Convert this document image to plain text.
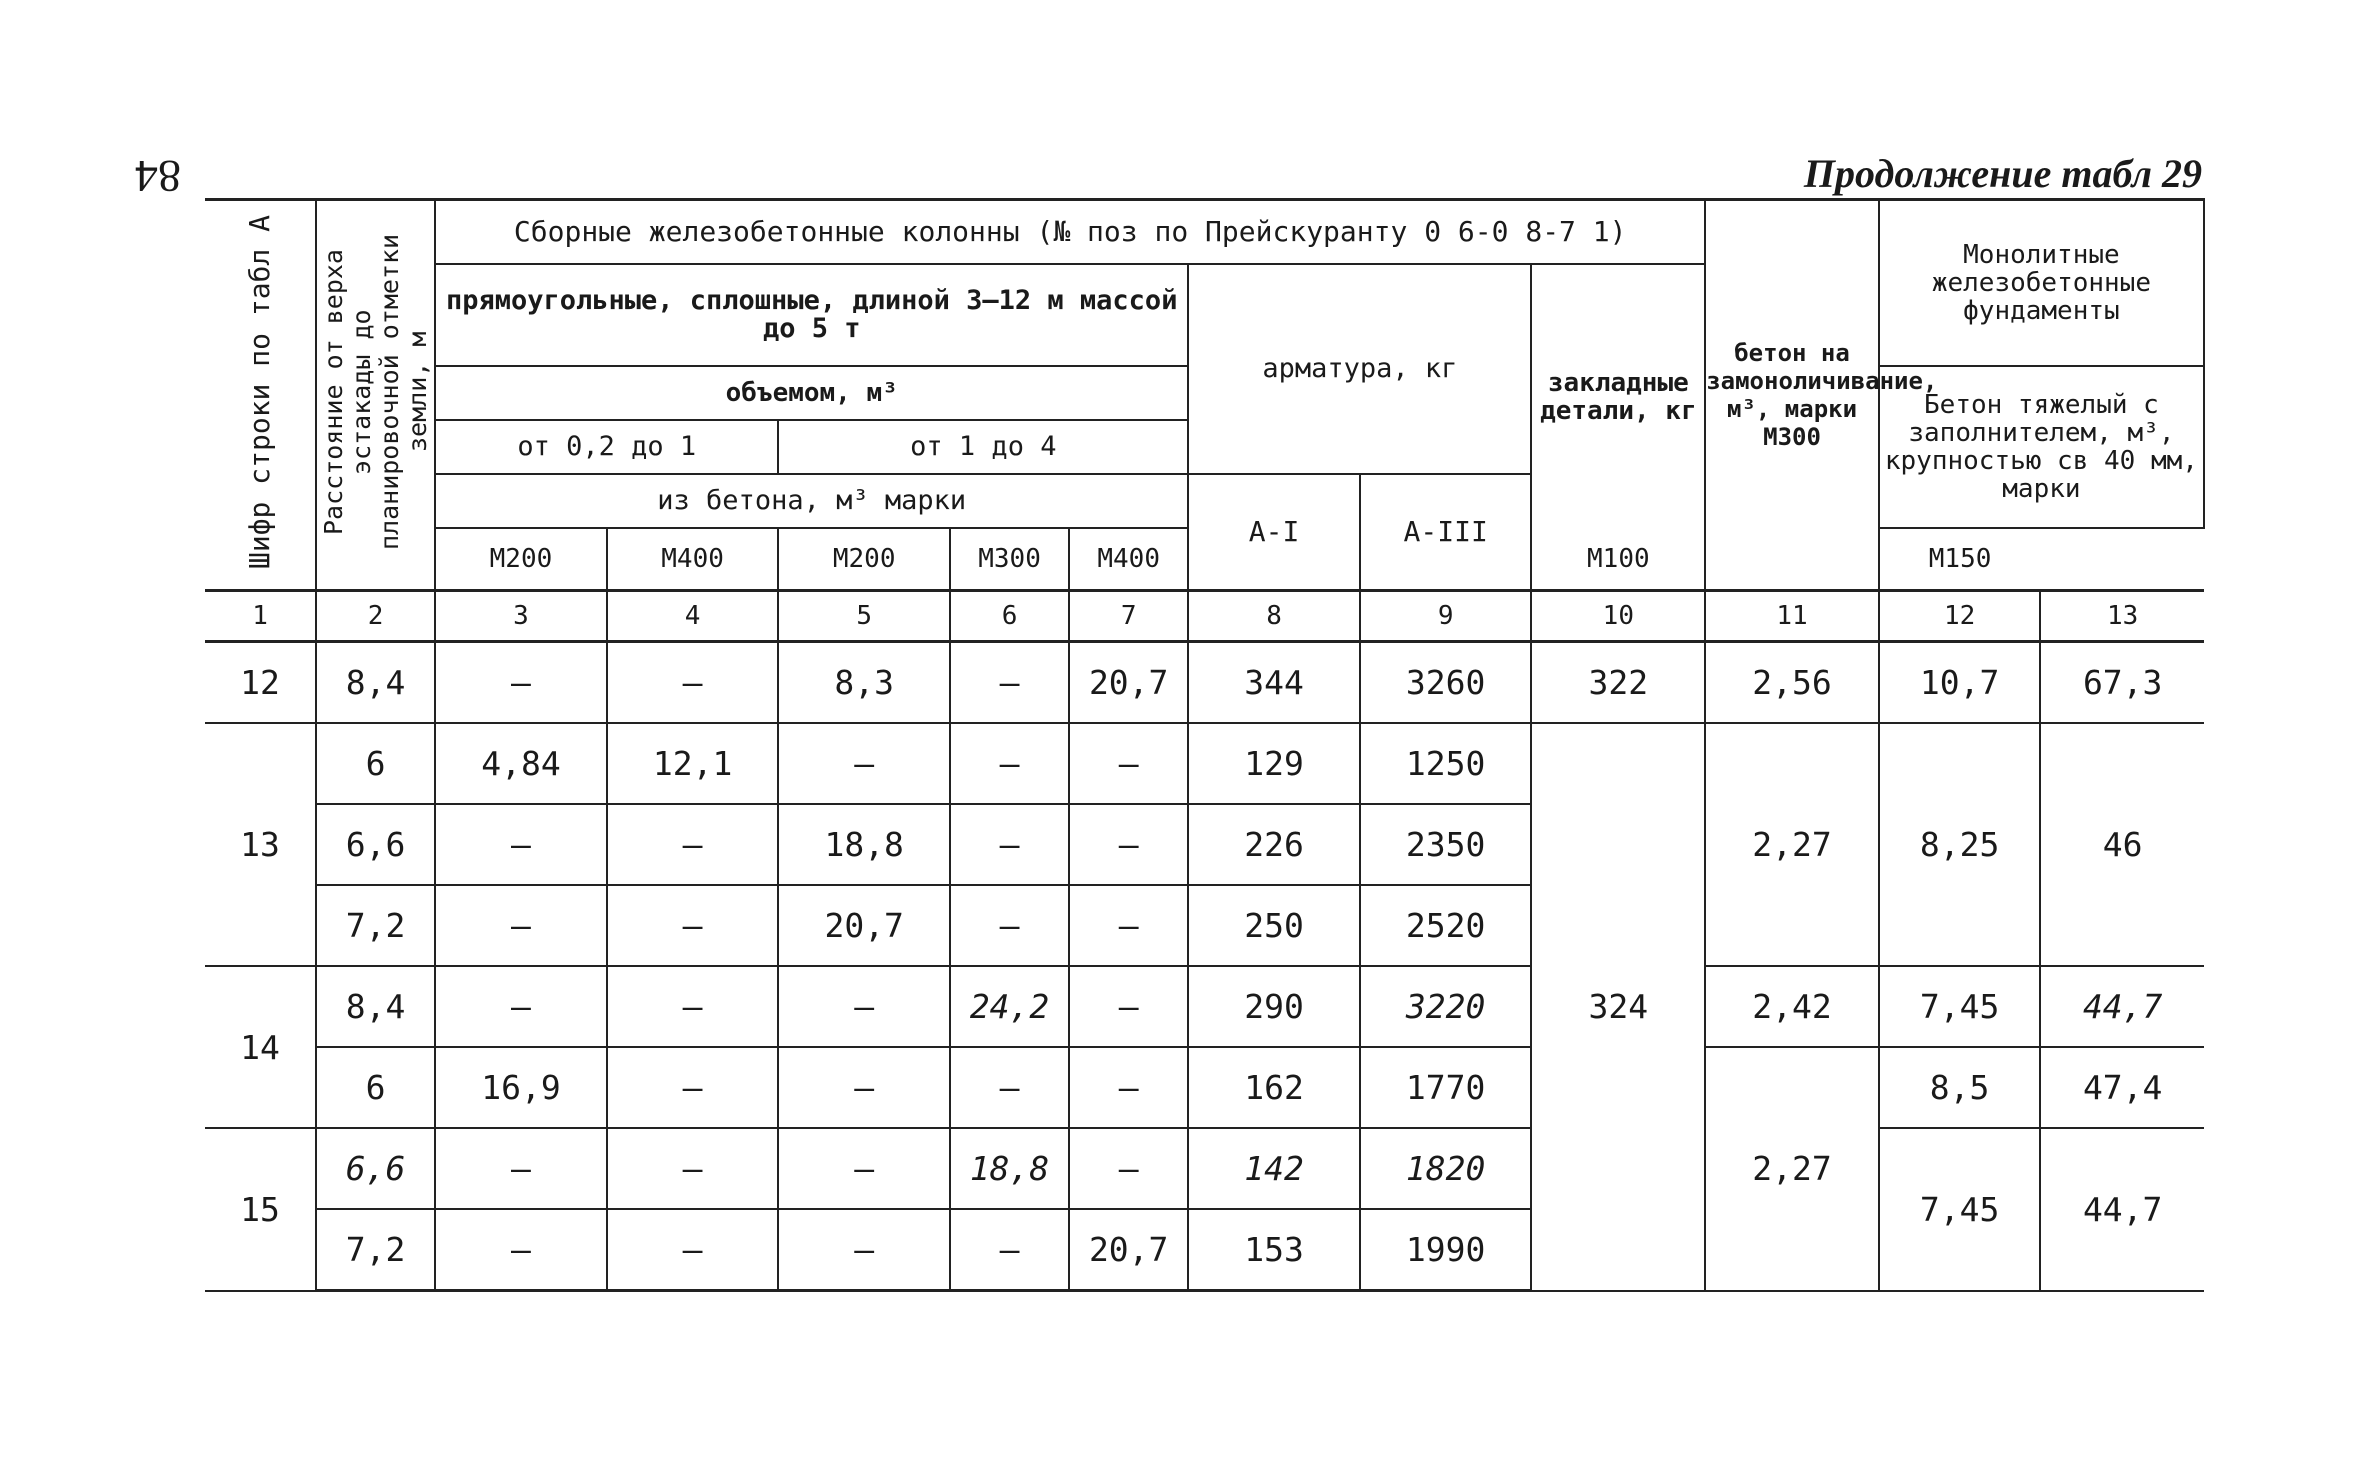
84	Продолжение табл 29
Шифр строки по табл А	Расстояние от верха эстакады до планировочной отметки земли, м	Сборные железобетонные колонны (№ поз по Прейскуранту 0 6-0 8-7 1)								бетон на замоноличивание, м³, марки М300	Монолитные железобетонные фундаменты	
		прямоугольные, сплошные, длиной 3—12 м массой до 5 т					арматура, кг		закладные детали, кг			
		объемом, м³									Бетон тяжелый с заполнителем, м³, крупностью св 40 мм, марки	
		от 0,2 до 1		от 1 до 4								
		из бетона, м³ марки					А-I	А-III				
		М200	М400	М200	М300	М400			М100		М150	
1	2	3	4	5	6	7	8	9	10	11	12	13
12	8,4	—	—	8,3	—	20,7	344	3260	322	2,56	10,7	67,3
13	6	4,84	12,1	—	—	—	129	1250	324	2,27	8,25	46
	6,6	—	—	18,8	—	—	226	2350				
	7,2	—	—	20,7	—	—	250	2520				
14	8,4	—	—	—	24,2	—	290	3220		2,42	7,45	44,7
	6	16,9	—	—	—	—	162	1770		2,27	8,5	47,4
15	6,6	—	—	—	18,8	—	142	1820			7,45	44,7
	7,2	—	—	—	—	20,7	153	1990				
